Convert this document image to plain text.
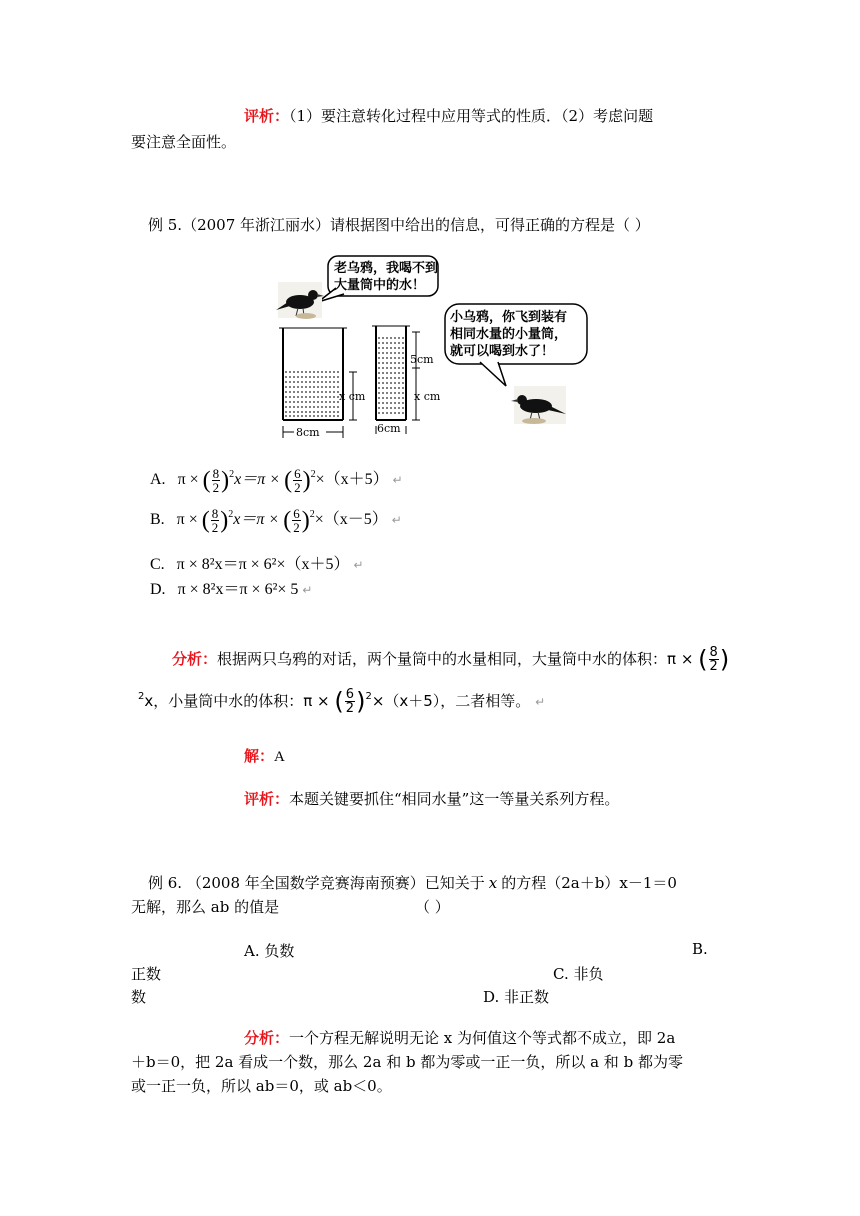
评析：（1）要注意转化过程中应用等式的性质．（2）考虑问题
要注意全面性。
例 5.（2007 年浙江丽水）请根据图中给出的信息，可得正确的方程是（ ）
老乌鸦，我喝不到
大量筒中的水！
x cm
8cm
5cm
x cm
6cm
小乌鸦，你飞到装有
相同水量的小量筒，
就可以喝到水了！
A. π × ( $\frac{8}{2} )^2x=\pi$ × ( $\frac{6}{2} )^2\times(x+5)$ ↵
B. π × ( $\frac{8}{2} )^2x=\pi$ × ( $\frac{6}{2} )^2\times(x-5)$ ↵
C. π × 8²x＝π × 6²×（x＋5） ↵
D. π × 8²x＝π × 6²× 5 ↵
分析：根据两只乌鸦的对话，两个量筒中的水量相同，大量筒中水的体积：π × ( $\frac{8}{2}$ )
$^2$x，小量筒中水的体积：π × ( $\frac{6}{2} )^2\times(x+5)$，二者相等。 ↵
解：A
评析：本题关键要抓住“相同水量”这一等量关系列方程。
例 6. （2008 年全国数学竞赛海南预赛）已知关于 x 的方程（2a＋b）x－1＝0
无解，那么 ab 的值是	（ ）
A. 负数	B.
正数	C. 非负
数	D. 非正数
分析：一个方程无解说明无论 x 为何值这个等式都不成立，即 2a
＋b＝0，把 2a 看成一个数，那么 2a 和 b 都为零或一正一负，所以 a 和 b 都为零
或一正一负，所以 ab＝0，或 ab＜0。
